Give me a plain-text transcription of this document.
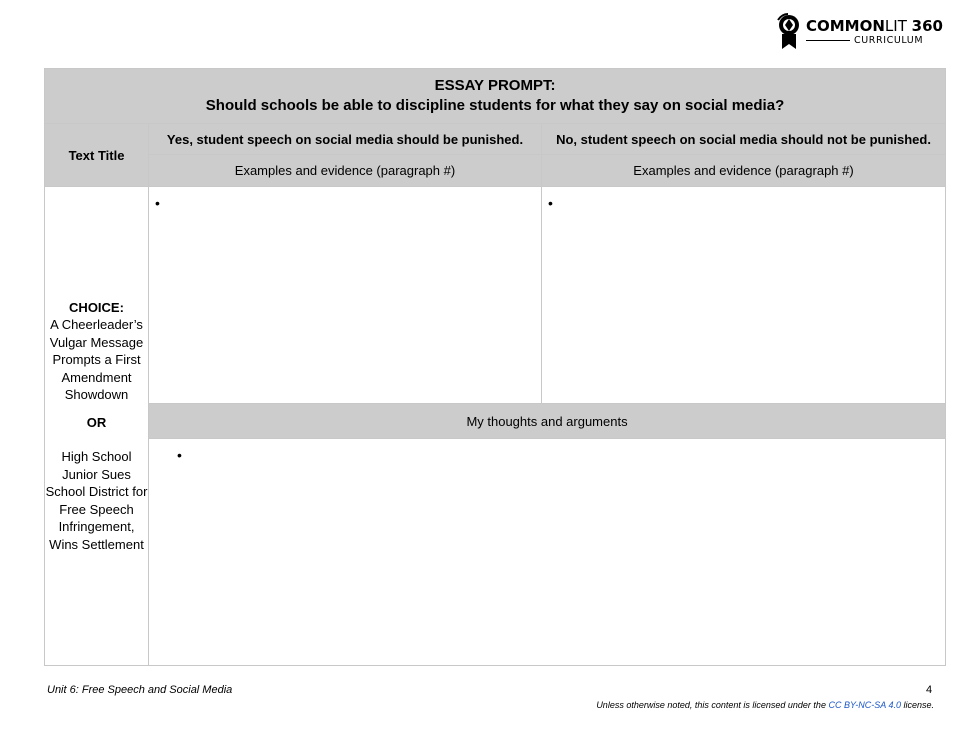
COMMONLIT 360
CURRICULUM
ESSAY PROMPT:
Should schools be able to discipline students for what they say on social media?		

Text Title	Yes, student speech on social media should be punished.	No, student speech on social media should not be punished.
	Examples and evidence (paragraph #)	Examples and evidence (paragraph #)

CHOICE:
A Cheerleader’s Vulgar Message Prompts a First Amendment Showdown
OR
High School Junior Sues School District for Free Speech Infringement, Wins Settlement	•	•

	My thoughts and arguments	

	•	
Unit 6: Free Speech and Social Media	4
Unless otherwise noted, this content is licensed under the CC BY-NC-SA 4.0 license.
